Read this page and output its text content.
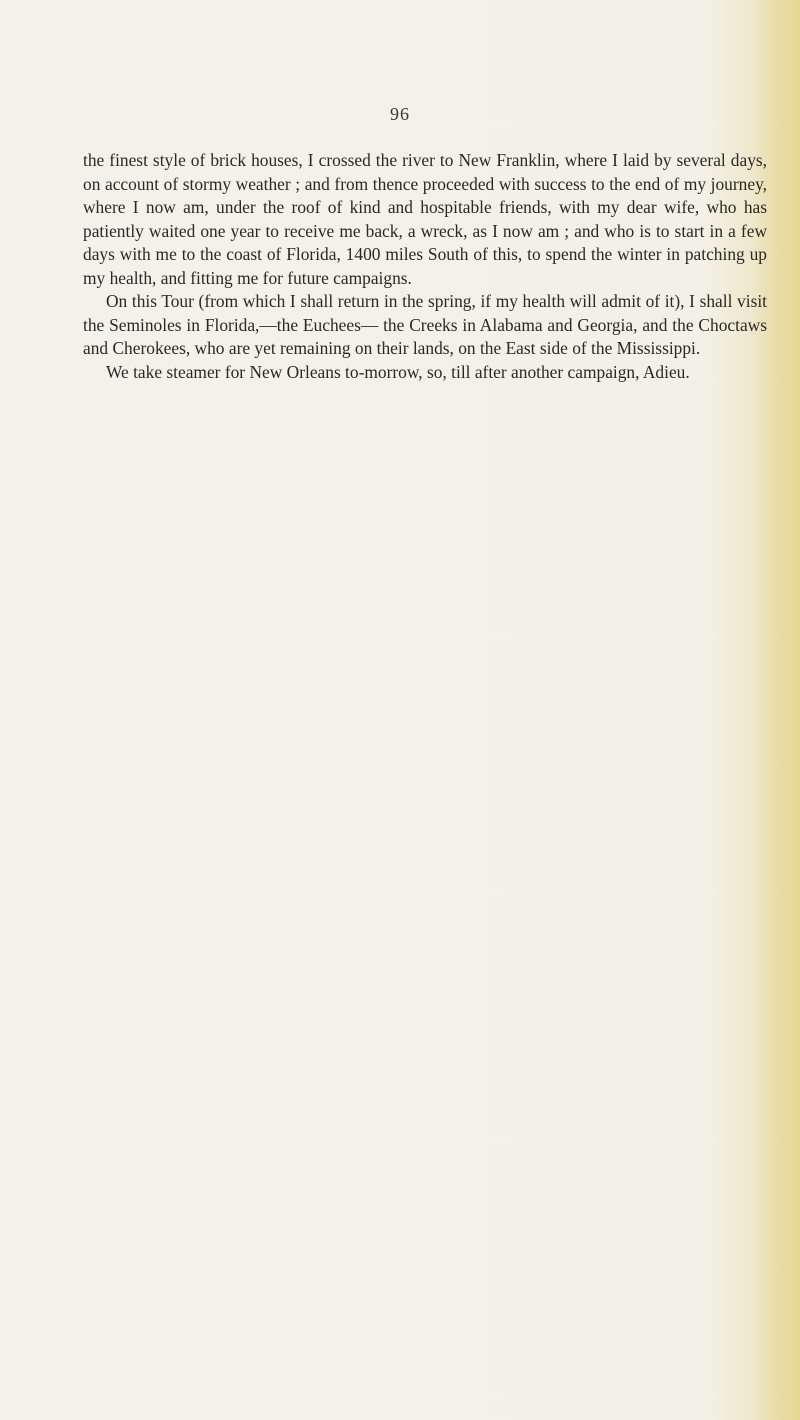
96

the finest style of brick houses, I crossed the river to New Franklin, where I laid by several days, on account of stormy weather ; and from thence proceeded with success to the end of my journey, where I now am, under the roof of kind and hospitable friends, with my dear wife, who has patiently waited one year to receive me back, a wreck, as I now am ; and who is to start in a few days with me to the coast of Florida, 1400 miles South of this, to spend the winter in patching up my health, and fitting me for future campaigns.

On this Tour (from which I shall return in the spring, if my health will admit of it), I shall visit the Seminoles in Florida,—the Euchees— the Creeks in Alabama and Georgia, and the Choctaws and Cherokees, who are yet remaining on their lands, on the East side of the Mississippi.

We take steamer for New Orleans to-morrow, so, till after another campaign, Adieu.
